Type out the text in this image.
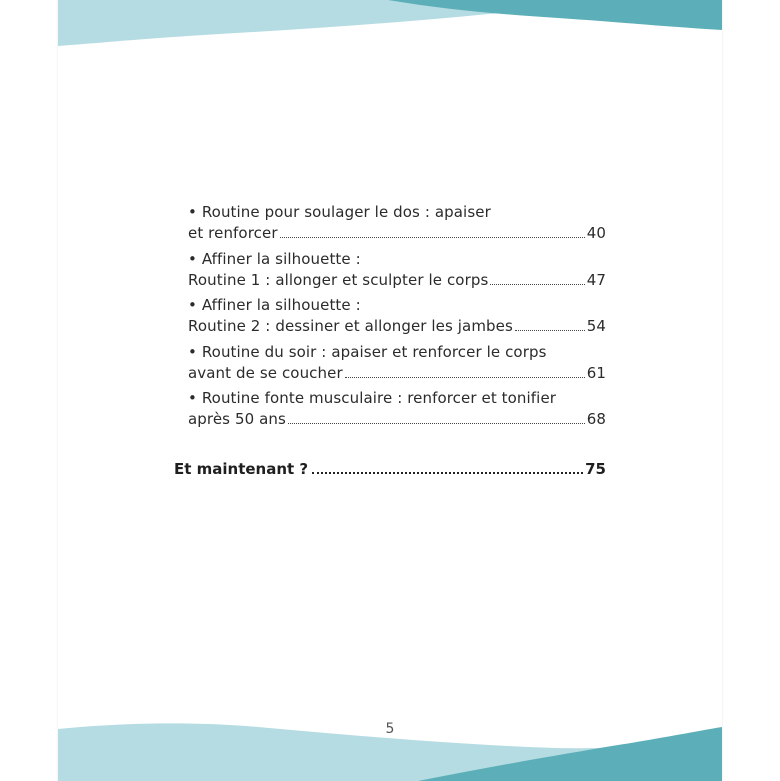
• Routine pour soulager le dos : apaiser
et renforcer	40
• Affiner la silhouette :
Routine 1 : allonger et sculpter le corps	47
• Affiner la silhouette :
Routine 2 : dessiner et allonger les jambes	54
• Routine du soir : apaiser et renforcer le corps
avant de se coucher	61
• Routine fonte musculaire : renforcer et tonifier
après 50 ans	68
Et maintenant ?	75
5
